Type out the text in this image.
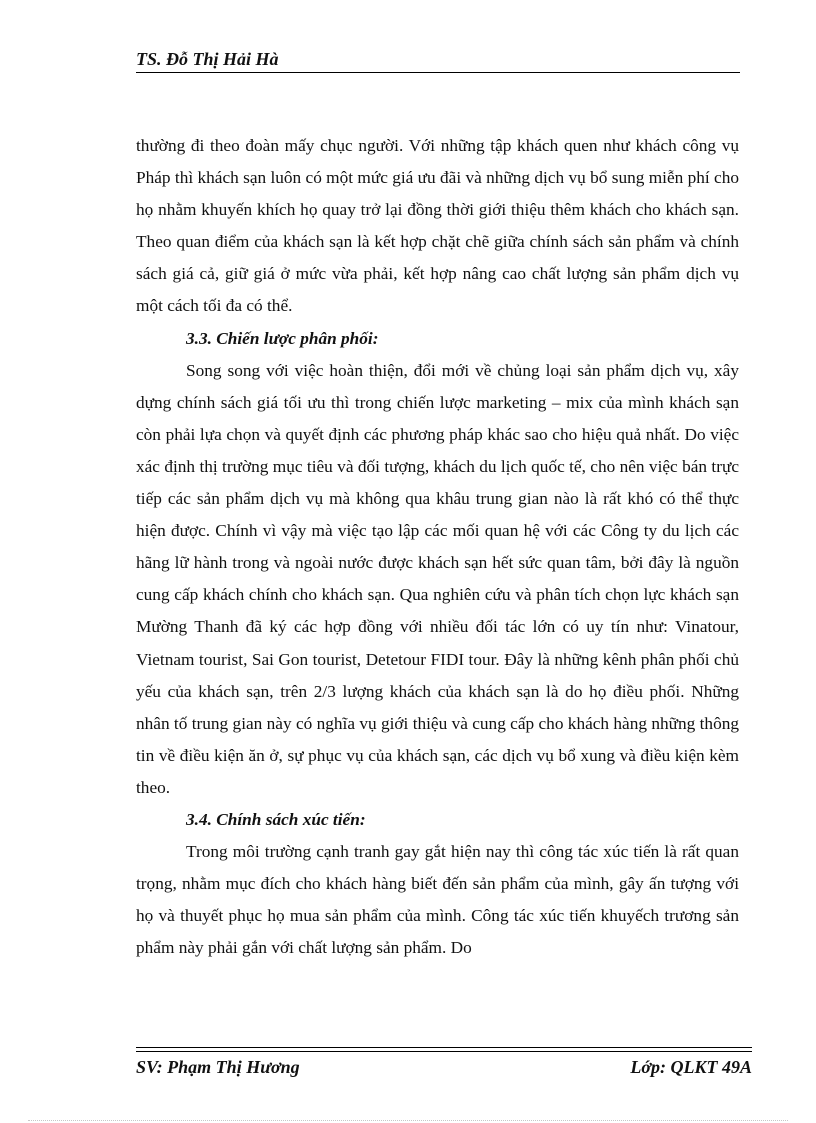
TS. Đỗ Thị Hải Hà

thường đi theo đoàn mấy chục người. Với những tập khách quen như khách công vụ Pháp thì khách sạn luôn có một mức giá ưu đãi và những dịch vụ bổ sung miễn phí cho họ nhằm khuyến khích họ quay trở lại đồng thời giới thiệu thêm khách cho khách sạn. Theo quan điểm của khách sạn là kết hợp chặt chẽ giữa chính sách sản phẩm và chính sách giá cả, giữ giá ở mức vừa phải, kết hợp nâng cao chất lượng sản phẩm dịch vụ một cách tối đa có thể.

3.3. Chiến lược phân phối:

Song song với việc hoàn thiện, đổi mới về chủng loại sản phẩm dịch vụ, xây dựng chính sách giá tối ưu thì trong chiến lược marketing – mix của mình khách sạn còn phải lựa chọn và quyết định các phương pháp khác sao cho hiệu quả nhất. Do việc xác định thị trường mục tiêu và đối tượng, khách du lịch quốc tế, cho nên việc bán trực tiếp các sản phẩm dịch vụ mà không qua khâu trung gian nào là rất khó có thể thực hiện được. Chính vì vậy mà việc tạo lập các mối quan hệ với các Công ty du lịch các hãng lữ hành trong và ngoài nước được khách sạn hết sức quan tâm, bởi đây là nguồn cung cấp khách chính cho khách sạn. Qua nghiên cứu và phân tích chọn lực khách sạn Mường Thanh đã ký các hợp đồng với nhiều đối tác lớn có uy tín như: Vinatour, Vietnam tourist, Sai Gon tourist, Detetour FIDI tour. Đây là những kênh phân phối chủ yếu của khách sạn, trên 2/3 lượng khách của khách sạn là do họ điều phối. Những nhân tố trung gian này có nghĩa vụ giới thiệu và cung cấp cho khách hàng những thông tin về điều kiện ăn ở, sự phục vụ của khách sạn, các dịch vụ bổ xung và điều kiện kèm theo.

3.4. Chính sách xúc tiến:

Trong môi trường cạnh tranh gay gắt hiện nay thì công tác xúc tiến là rất quan trọng, nhằm mục đích cho khách hàng biết đến sản phẩm của mình, gây ấn tượng với họ và thuyết phục họ mua sản phẩm của mình. Công tác xúc tiến khuyếch trương sản phẩm này phải gắn với chất lượng sản phẩm. Do

SV: Phạm Thị Hương	Lớp: QLKT 49A
